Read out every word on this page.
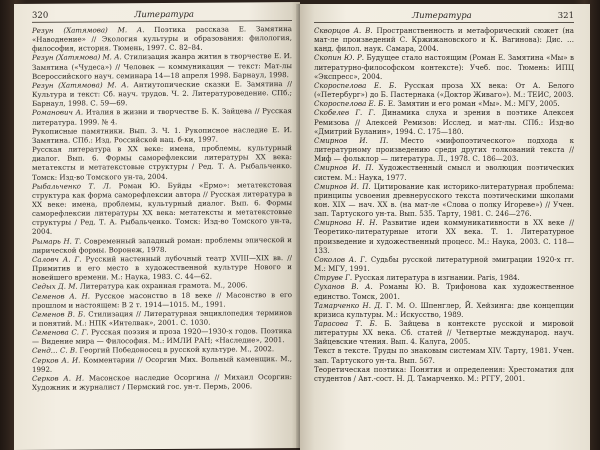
320	Литература

Резун (Хатямова) М. А. Поэтика рассказа Е. Замятина «Наводнение» // Экология культуры и образования: филология, философия, история. Тюмень, 1997. С. 82–84.

Резун (Хатямова) М. А. Стилизация жанра жития в творчестве Е. И. Замятина («Чудеса») // Человек — коммуникация — текст: Мат-лы Всероссийского науч. семинара 14—18 апреля 1998. Барнаул, 1998.

Резун (Хатямова) М. А. Антиутопические сказки Е. Замятина // Культура и текст: Сб. науч. трудов. Ч. 2. Литературоведение. СПб.; Барнаул, 1998. С. 59—69.

Романович А. Италия в жизни и творчестве Б. К. Зайцева // Русская литература. 1999. № 4.

Рукописные памятники. Вып. 3. Ч. 1. Рукописное наследие Е. И. Замятина. СПб.: Изд. Российской нац. б-ки, 1997.

Русская литература в XX веке: имена, проблемы, культурный диалог. Вып. 6. Формы саморефлексии литературы XX века: метатексты и метатекстовые структуры / Ред. Т. А. Рыбальченко. Томск: Изд-во Томского ун-та, 2004.

Рыбальченко Т. Л. Роман Ю. Буйды «Ермо»: метатекстовая структура как форма саморефлексии автора // Русская литература в XX веке: имена, проблемы, культурный диалог. Вып. 6. Формы саморефлексии литературы XX века: метатексты и метатекстовые структуры / Ред. Т. А. Рыбальченко. Томск: Изд-во Томского ун-та, 2004.

Рымарь Н. Т. Современный западный роман: проблемы эпической и лирической формы. Воронеж, 1978.

Саловч А. Г. Русский настенный лубочный театр XVIII—XIX вв. // Примитив и его место в художественной культуре Нового и новейшего времени. М.: Наука, 1983. С. 44—62.

Седых Д. М. Литература как охранная грамота. М., 2006.

Семенов А. Н. Русское масонство в 18 веке // Масонство в его прошлом и настоящем: В 2 т. 1914—1015. М., 1991.

Семенов В. Б. Стилизация // Литературная энциклопедия терминов и понятий. М.: НПК «Интелвак», 2001. С. 1030.

Семенова С. Г. Русская поэзия и проза 1920—1930-х годов. Поэтика — Видение мира — Философия. М.: ИМЛИ РАН; «Наследие», 2001.

Сенд… С. В. Георгий Победоносец в русской культуре. М., 2002.

Серков А. И. Комментарии // Осоргин Мих. Вольный каменщик. М., 1992.

Серков А. И. Масонское наследие Осоргина // Михаил Осоргин: Художник и журналист / Пермский гос. ун-т. Пермь, 2006.

Литература	321

Скворцов А. В. Пространственность и метафорический сюжет (на мат-ле произведений С. Кржижановского и К. Вагинова): Дис. … канд. филол. наук. Самара, 2004.

Скопин Ю. Р. Будущее стало настоящим (Роман Е. Замятина «Мы» в литературно-философском контексте): Учеб. пос. Тюмень: ИПЦ «Экспресс», 2004.

Скороспелова Е. Б. Русская проза XX века: От А. Белого («Петербург») до Б. Пастернака («Доктор Живаго»). М.: ТЕИС, 2003.

Скороспелова Е. Б. Е. Замятин и его роман «Мы». М.: МГУ, 2005.

Скобелев Г. Г. Динамика слуха и зрения в поэтике Алексея Ремизова // Алексей Ремизов: Исслед. и мат-лы. СПб.: Изд-во «Дмитрий Буланин», 1994. С. 175—180.

Смирнов И. П. Место «мифопоэтического» подхода к литературному произведению среди других толкований текста // Миф — фольклор — литература. Л., 1978. С. 186—203.

Смирнов И. П. Художественный смысл и эволюция поэтических систем. М.: Наука, 1977.

Смирнов И. П. Цитирование как историко-литературная проблема: принципы усвоения древнерусского текста поэтическими школами кон. XIX — нач. XX в. (на мат-ле «Слова о полку Игореве») // Учен. зап. Тартуского ун-та. Вып. 535. Тарту, 1981. С. 246—276.

Смирнова Н. Н. Развитие идеи коммуникативности в XX веке // Теоретико-литературные итоги XX века. Т. 1. Литературное произведение и художественный процесс. М.: Наука, 2003. С. 118—133.

Соколов А. Г. Судьбы русской литературной эмиграции 1920-х гг. М.: МГУ, 1991.

Струве Г. Русская литература в изгнании. Paris, 1984.

Суханов В. А. Романы Ю. В. Трифонова как художественное единство. Томск, 2001.

Тамарченко Н. Д. Г. М. О. Шпенглер, Й. Хейзинга: две концепции кризиса культуры. М.: Искусство, 1989.

Тарасова Т. Б. Б. Зайцева в контексте русской и мировой литературы XX века. Сб. статей // Четвертые международ. науч. Зайцевские чтения. Вып. 4. Калуга, 2005.

Текст в тексте. Труды по знаковым системам XIV. Тарту, 1981. Учен. зап. Тартуского ун-та. Вып. 567.

Теоретическая поэтика: Понятия и определения: Хрестоматия для студентов / Авт.-сост. Н. Д. Тамарченко. М.: РГГУ, 2001.
